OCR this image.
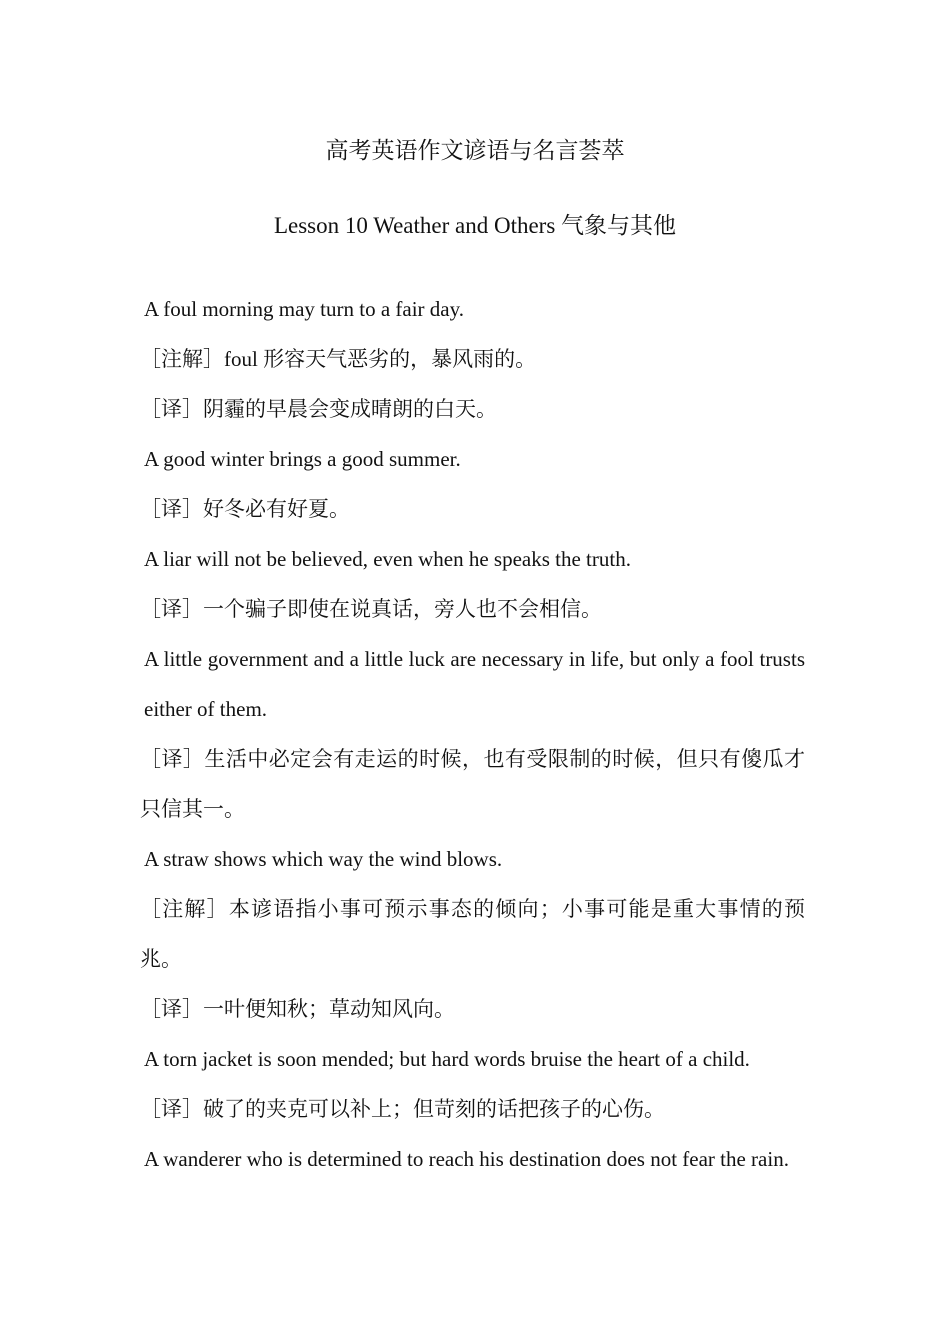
高考英语作文谚语与名言荟萃
Lesson 10 Weather and Others 气象与其他

A foul morning may turn to a fair day.

［注解］foul 形容天气恶劣的，暴风雨的。

［译］阴霾的早晨会变成晴朗的白天。

A good winter brings a good summer.

［译］好冬必有好夏。

A liar will not be believed, even when he speaks the truth.

［译］一个骗子即使在说真话，旁人也不会相信。

A little government and a little luck are necessary in life, but only a fool trusts either of them.

［译］生活中必定会有走运的时候，也有受限制的时候，但只有傻瓜才只信其一。

A straw shows which way the wind blows.

［注解］本谚语指小事可预示事态的倾向；小事可能是重大事情的预兆。

［译］一叶便知秋；草动知风向。

A torn jacket is soon mended; but hard words bruise the heart of a child.

［译］破了的夹克可以补上；但苛刻的话把孩子的心伤。

A wanderer who is determined to reach his destination does not fear the rain.
